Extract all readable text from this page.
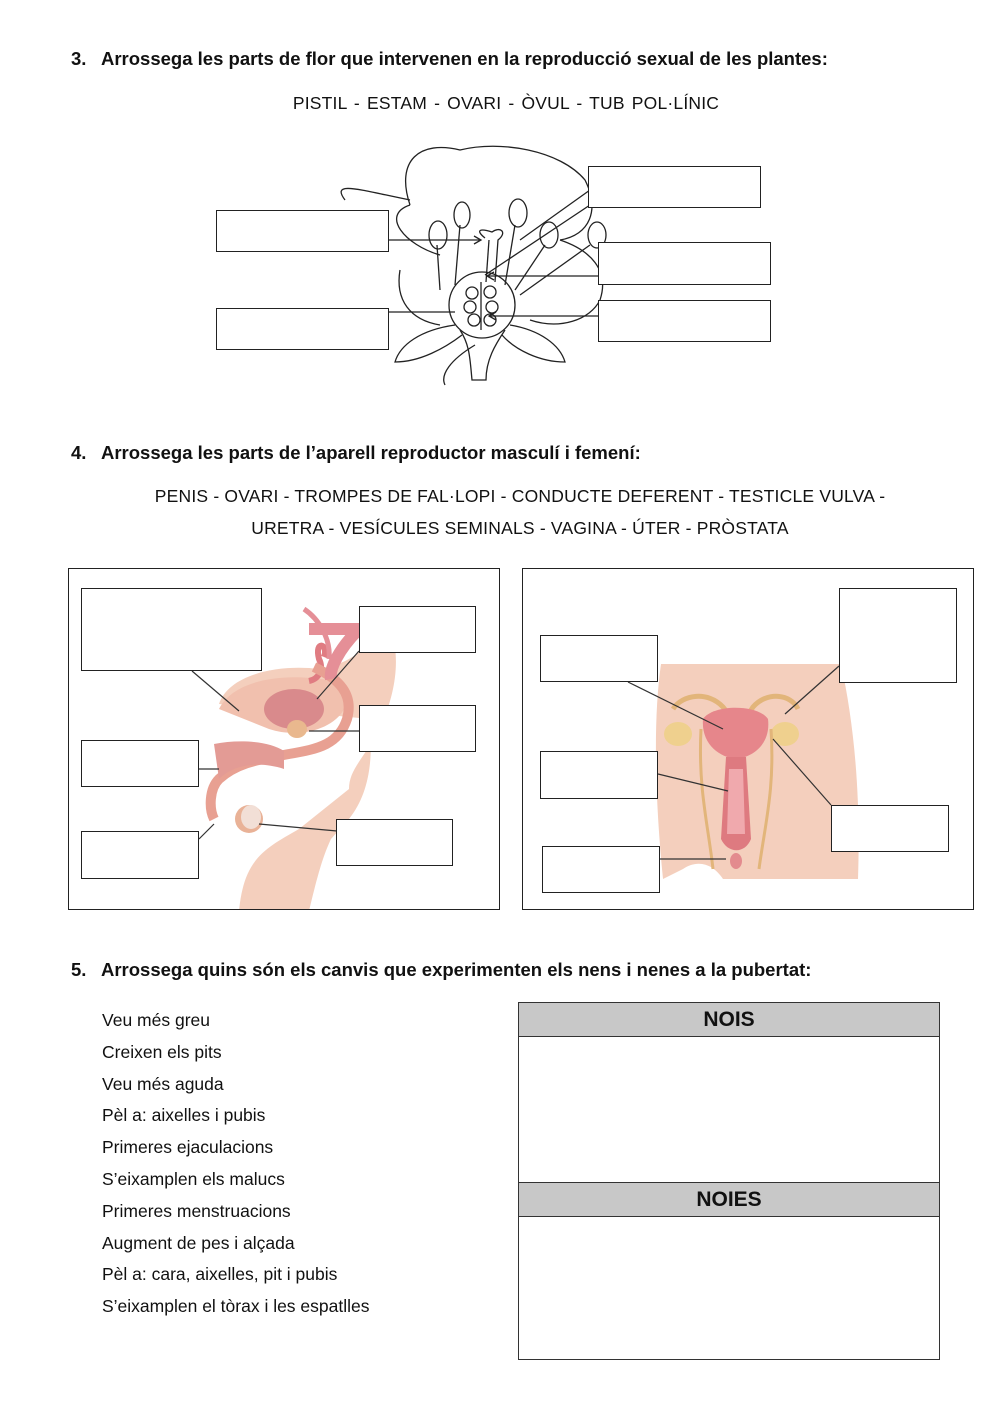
3. Arrossega les parts de flor que intervenen en la reproducció sexual de les plantes:
PISTIL - ESTAM - OVARI - ÒVUL - TUB POL·LÍNIC
4. Arrossega les parts de l’aparell reproductor masculí i femení:
PENIS - OVARI - TROMPES DE FAL·LOPI - CONDUCTE DEFERENT - TESTICLE VULVA -
URETRA - VESÍCULES SEMINALS - VAGINA - ÚTER - PRÒSTATA
5. Arrossega quins són els canvis que experimenten els nens i nenes a la pubertat:
Veu més greu
Creixen els pits
Veu més aguda
Pèl a: aixelles i pubis
Primeres ejaculacions
S’eixamplen els malucs
Primeres menstruacions
Augment de pes i alçada
Pèl a: cara, aixelles, pit i pubis
S’eixamplen el tòrax i les espatlles
NOIS
NOIES
